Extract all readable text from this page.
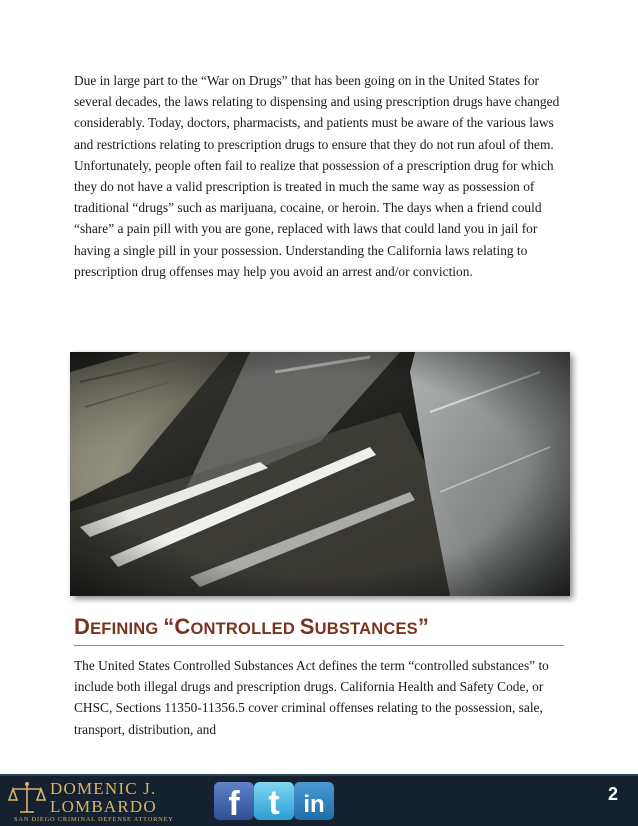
Due in large part to the “War on Drugs” that has been going on in the United States for several decades, the laws relating to dispensing and using prescription drugs have changed considerably. Today, doctors, pharmacists, and patients must be aware of the various laws and restrictions relating to prescription drugs to ensure that they do not run afoul of them. Unfortunately, people often fail to realize that possession of a prescription drug for which they do not have a valid prescription is treated in much the same way as possession of traditional “drugs” such as marijuana, cocaine, or heroin. The days when a friend could “share” a pain pill with you are gone, replaced with laws that could land you in jail for having a single pill in your possession. Understanding the California laws relating to prescription drug offenses may help you avoid an arrest and/or conviction.

DEFINING “CONTROLLED SUBSTANCES”

The United States Controlled Substances Act defines the term “controlled substances” to include both illegal drugs and prescription drugs. California Health and Safety Code, or CHSC, Sections 11350-11356.5 cover criminal offenses relating to the possession, sale, transport, distribution, and

DOMENIC J.
LOMBARDO
SAN DIEGO CRIMINAL DEFENSE ATTORNEY f t in	2
